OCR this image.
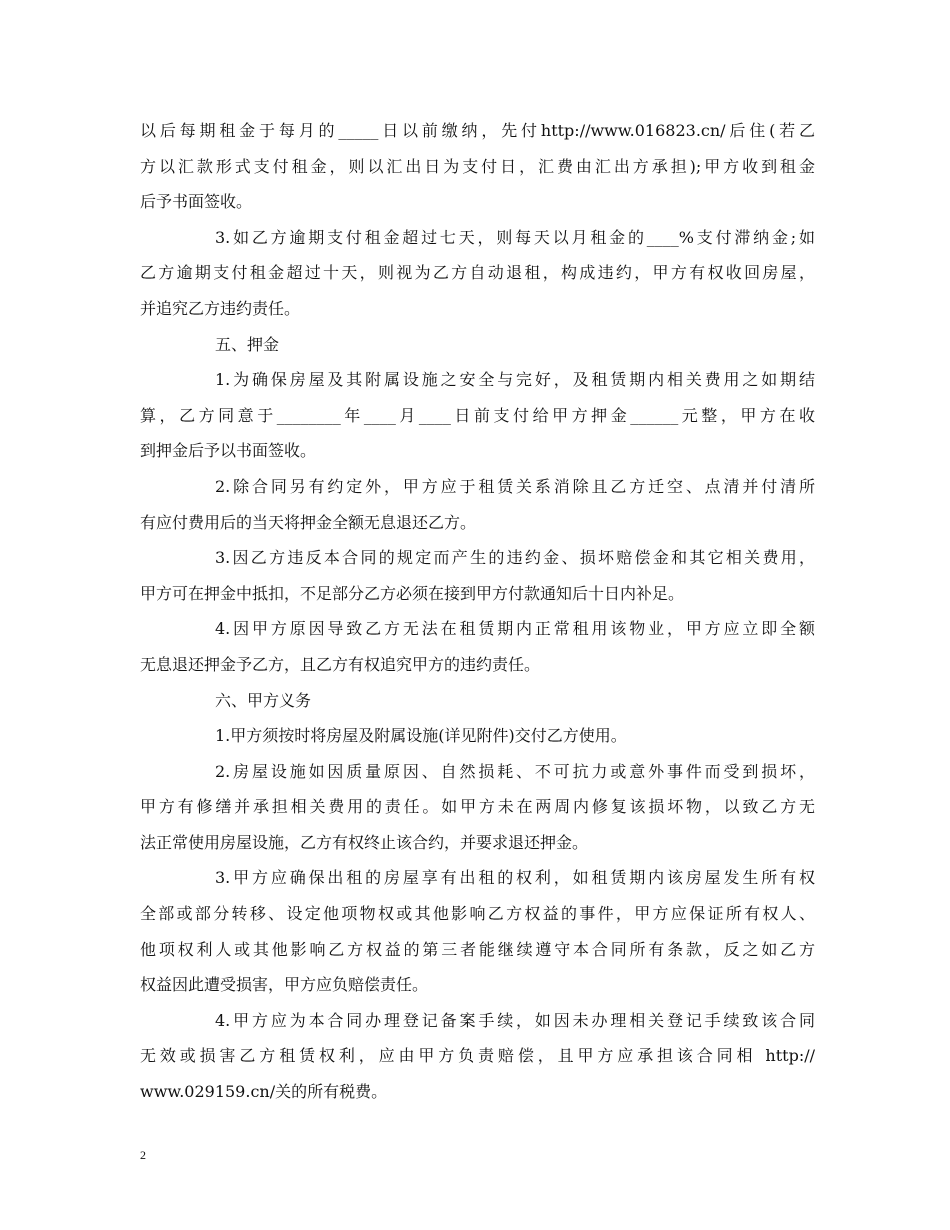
以后每期租金于每月的_____日以前缴纳，先付http://www.016823.cn/后住(若乙
方以汇款形式支付租金，则以汇出日为支付日，汇费由汇出方承担);甲方收到租金
后予书面签收。
3.如乙方逾期支付租金超过七天，则每天以月租金的____%支付滞纳金;如
乙方逾期支付租金超过十天，则视为乙方自动退租，构成违约，甲方有权收回房屋，
并追究乙方违约责任。
五、押金
1.为确保房屋及其附属设施之安全与完好，及租赁期内相关费用之如期结
算，乙方同意于________年____月____日前支付给甲方押金______元整，甲方在收
到押金后予以书面签收。
2.除合同另有约定外，甲方应于租赁关系消除且乙方迁空、点清并付清所
有应付费用后的当天将押金全额无息退还乙方。
3.因乙方违反本合同的规定而产生的违约金、损坏赔偿金和其它相关费用，
甲方可在押金中抵扣，不足部分乙方必须在接到甲方付款通知后十日内补足。
4.因甲方原因导致乙方无法在租赁期内正常租用该物业，甲方应立即全额
无息退还押金予乙方，且乙方有权追究甲方的违约责任。
六、甲方义务
1.甲方须按时将房屋及附属设施(详见附件)交付乙方使用。
2.房屋设施如因质量原因、自然损耗、不可抗力或意外事件而受到损坏，
甲方有修缮并承担相关费用的责任。如甲方未在两周内修复该损坏物，以致乙方无
法正常使用房屋设施，乙方有权终止该合约，并要求退还押金。
3.甲方应确保出租的房屋享有出租的权利，如租赁期内该房屋发生所有权
全部或部分转移、设定他项物权或其他影响乙方权益的事件，甲方应保证所有权人、
他项权利人或其他影响乙方权益的第三者能继续遵守本合同所有条款，反之如乙方
权益因此遭受损害，甲方应负赔偿责任。
4.甲方应为本合同办理登记备案手续，如因未办理相关登记手续致该合同
无效或损害乙方租赁权利，应由甲方负责赔偿，且甲方应承担该合同相 http://
www.029159.cn/关的所有税费。
2
